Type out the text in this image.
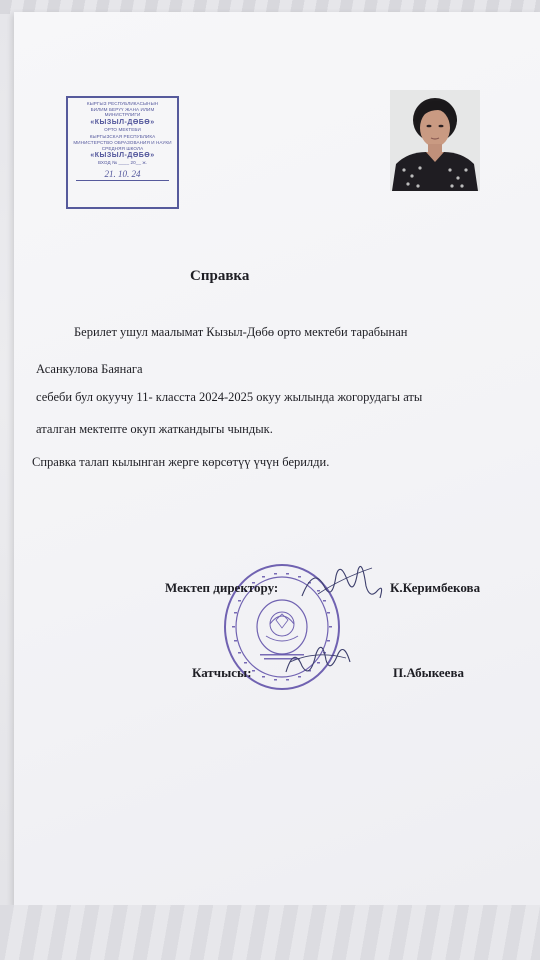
КЫРГЫЗ РЕСПУБЛИКАСЫНЫН
БИЛИМ БЕРҮҮ ЖАНА ИЛИМ
МИНИСТРЛИГИ
«КЫЗЫЛ-ДӨБӨ»
ОРТО МЕКТЕБИ
КЫРГЫЗСКАЯ РЕСПУБЛИКА
МИНИСТЕРСТВО ОБРАЗОВАНИЯ И НАУКИ
СРЕДНЯЯ ШКОЛА
«КЫЗЫЛ-ДӨБӨ»
ВХОД № ____ 20__ ж.
21. 10. 24
Справка
Берилет ушул маалымат Кызыл-Дөбө орто мектеби тарабынан
Асанкулова Баянага
себеби бул окуучу 11- класста 2024-2025 окуу жылында жогорудагы аты
аталган мектепте окуп жаткандыгы чындык.
Справка талап кылынган жерге көрсөтүү үчүн берилди.
Мектеп директору:	К.Керимбекова
Катчысы:	П.Абыкеева
